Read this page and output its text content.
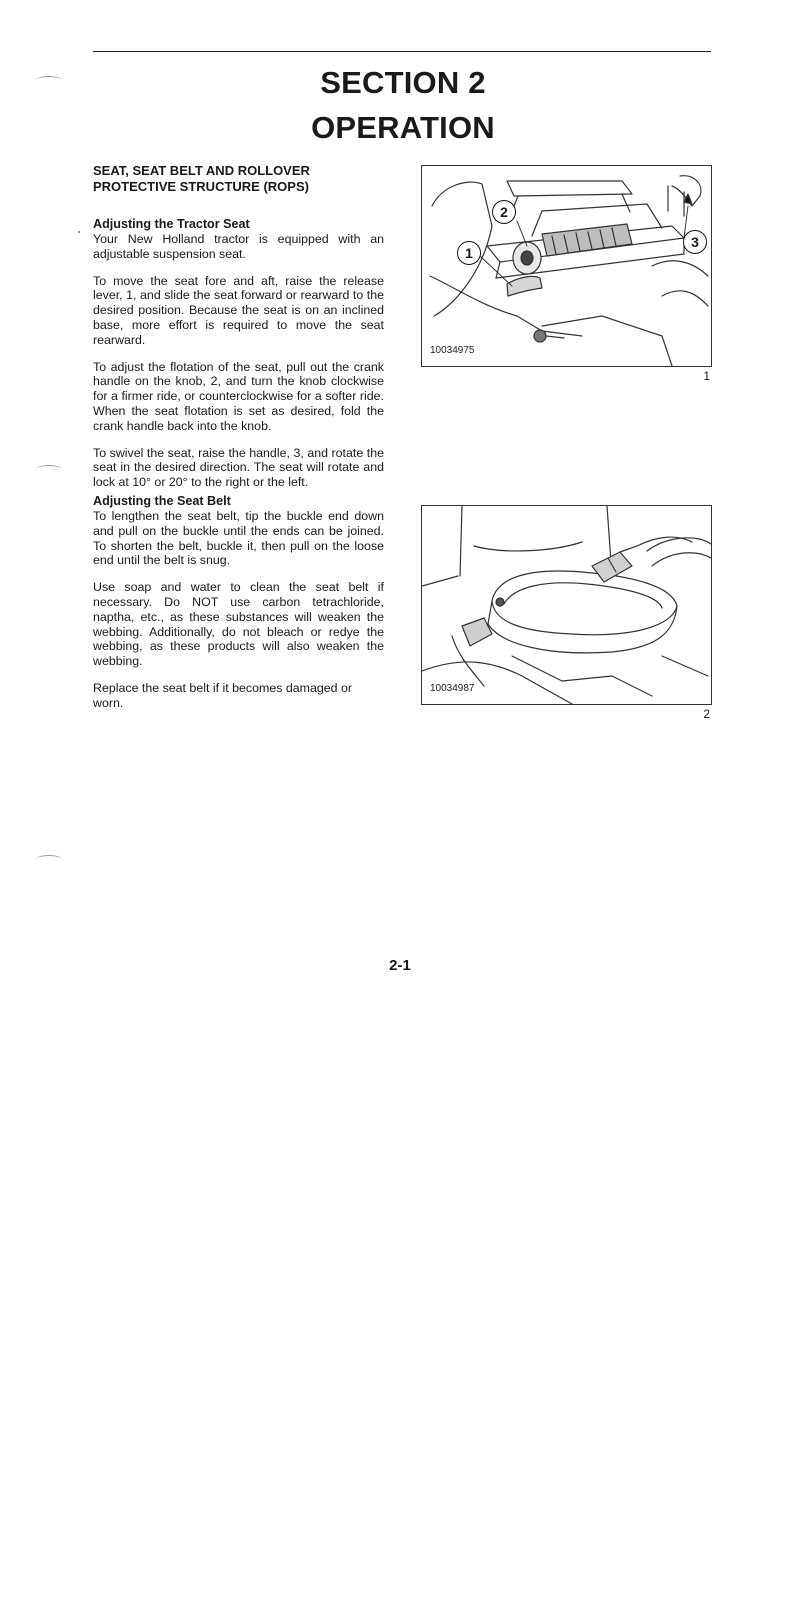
SECTION 2
OPERATION
SEAT, SEAT BELT AND ROLLOVER PROTECTIVE STRUCTURE (ROPS)
Adjusting the Tractor Seat

Your New Holland tractor is equipped with an adjustable suspension seat.

To move the seat fore and aft, raise the release lever, 1, and slide the seat forward or rearward to the desired position. Because the seat is on an inclined base, more effort is required to move the seat rearward.

To adjust the flotation of the seat, pull out the crank handle on the knob, 2, and turn the knob clockwise for a firmer ride, or counterclockwise for a softer ride. When the seat flotation is set as desired, fold the crank handle back into the knob.

To swivel the seat, raise the handle, 3, and rotate the seat in the desired direction. The seat will rotate and lock at 10° or 20° to the right or the left.

Adjusting the Seat Belt

To lengthen the seat belt, tip the buckle end down and pull on the buckle until the ends can be joined. To shorten the belt, buckle it, then pull on the loose end until the belt is snug.

Use soap and water to clean the seat belt if necessary. Do NOT use carbon tetrachloride, naptha, etc., as these substances will weaken the webbing. Additionally, do not bleach or redye the webbing, as these products will also weaken the webbing.

Replace the seat belt if it becomes damaged or worn.

1
2
3
10034975
1
10034987
2
2-1
